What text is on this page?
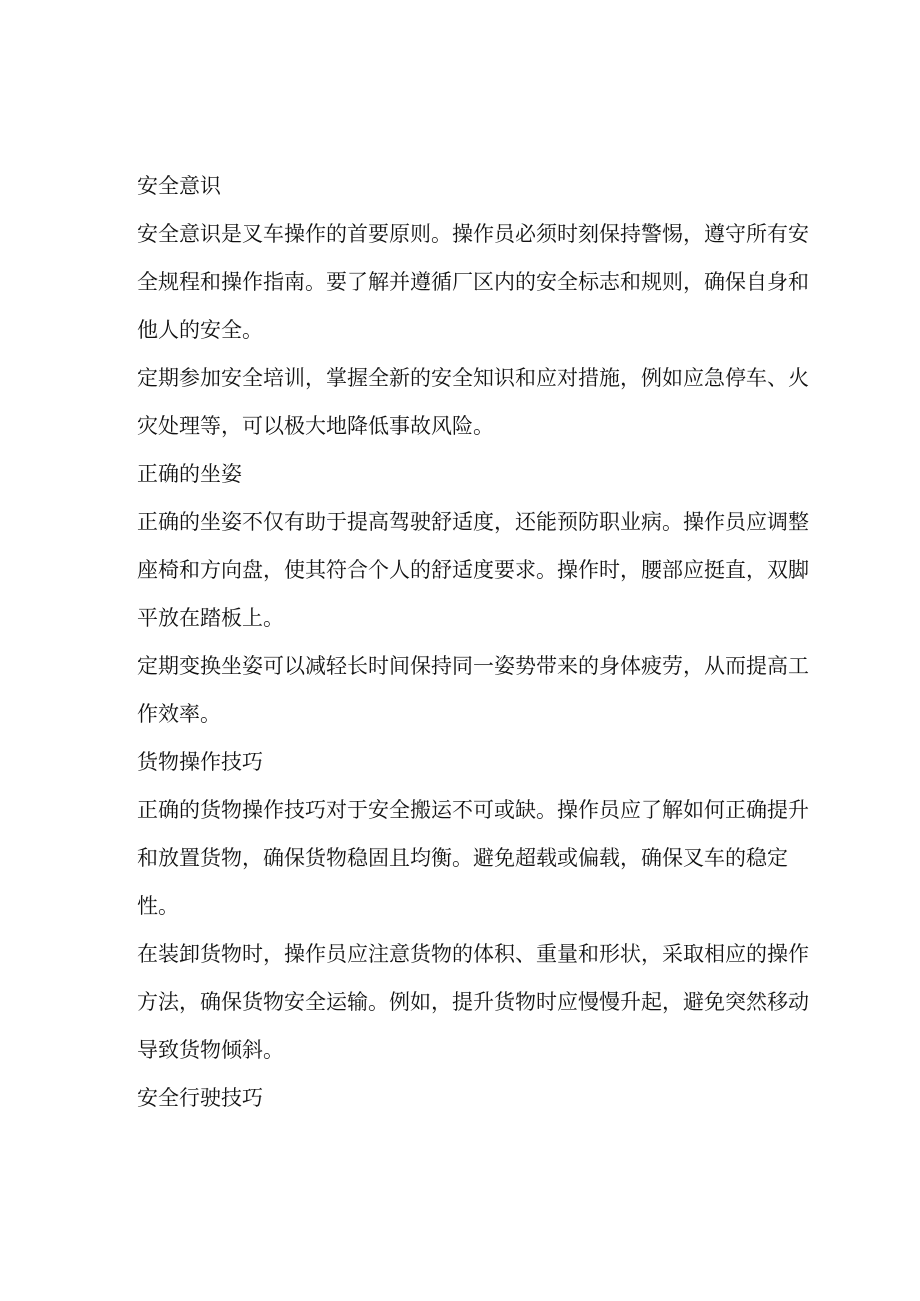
安全意识
安全意识是叉车操作的首要原则。操作员必须时刻保持警惕，遵守所有安
全规程和操作指南。要了解并遵循厂区内的安全标志和规则，确保自身和
他人的安全。
定期参加安全培训，掌握全新的安全知识和应对措施，例如应急停车、火
灾处理等，可以极大地降低事故风险。
正确的坐姿
正确的坐姿不仅有助于提高驾驶舒适度，还能预防职业病。操作员应调整
座椅和方向盘，使其符合个人的舒适度要求。操作时，腰部应挺直，双脚
平放在踏板上。
定期变换坐姿可以减轻长时间保持同一姿势带来的身体疲劳，从而提高工
作效率。
货物操作技巧
正确的货物操作技巧对于安全搬运不可或缺。操作员应了解如何正确提升
和放置货物，确保货物稳固且均衡。避免超载或偏载，确保叉车的稳定
性。
在装卸货物时，操作员应注意货物的体积、重量和形状，采取相应的操作
方法，确保货物安全运输。例如，提升货物时应慢慢升起，避免突然移动
导致货物倾斜。
安全行驶技巧
